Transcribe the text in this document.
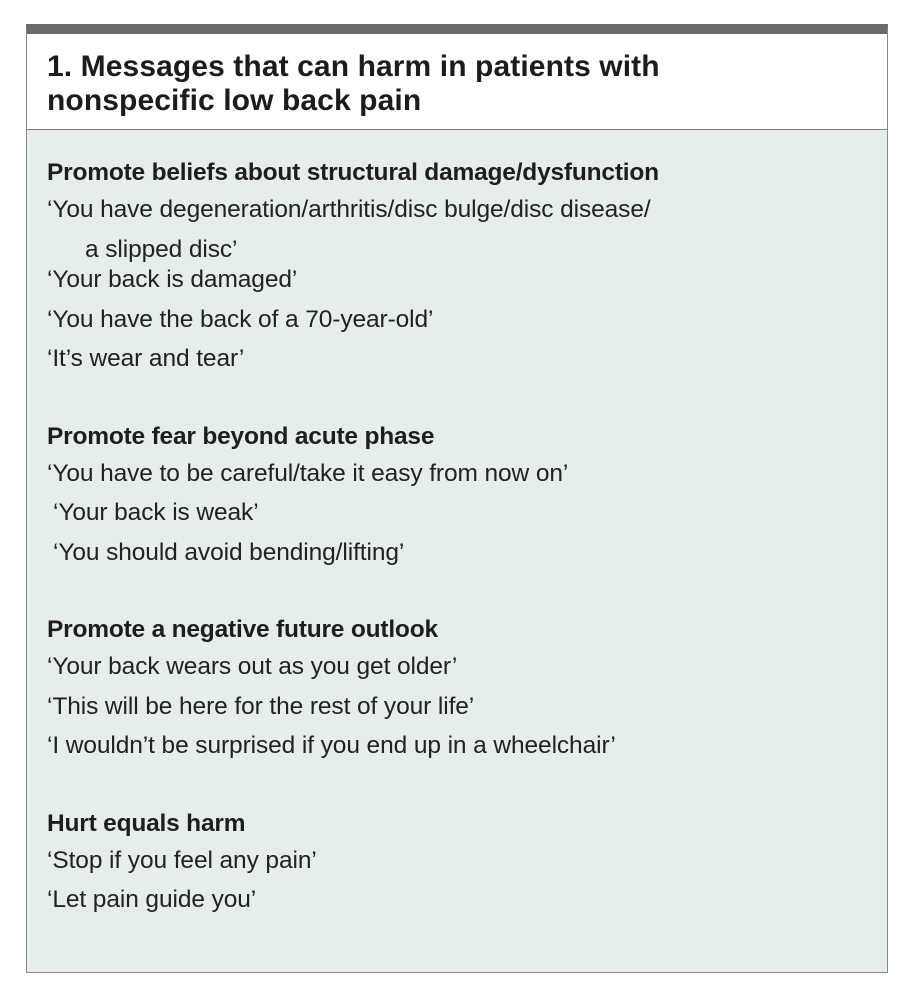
1. Messages that can harm in patients with
nonspecific low back pain
Promote beliefs about structural damage/dysfunction
‘You have degeneration/arthritis/disc bulge/disc disease/
a slipped disc’
‘Your back is damaged’
‘You have the back of a 70-year-old’
‘It’s wear and tear’
Promote fear beyond acute phase
‘You have to be careful/take it easy from now on’
‘Your back is weak’
‘You should avoid bending/lifting’
Promote a negative future outlook
‘Your back wears out as you get older’
‘This will be here for the rest of your life’
‘I wouldn’t be surprised if you end up in a wheelchair’
Hurt equals harm
‘Stop if you feel any pain’
‘Let pain guide you’
